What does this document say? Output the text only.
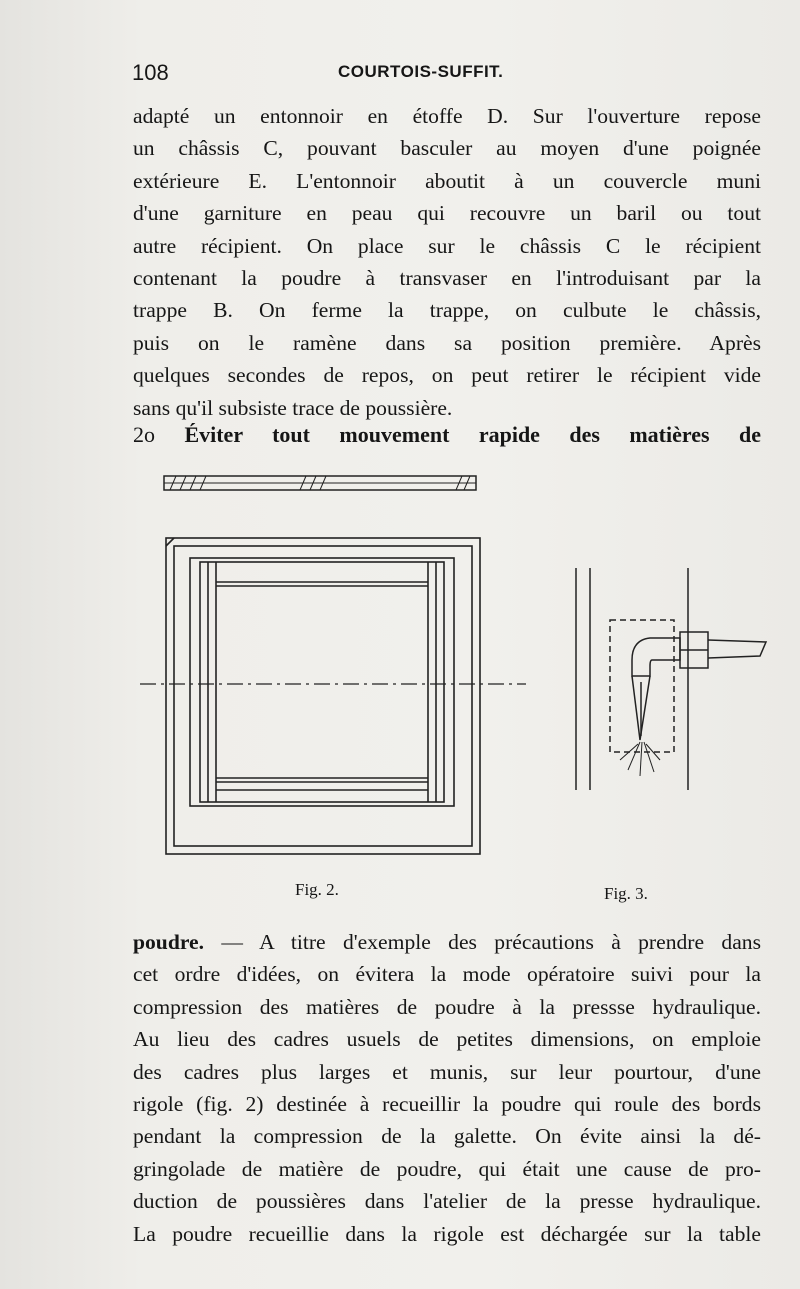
108	COURTOIS-SUFFIT.
adapté un entonnoir en étoffe D. Sur l'ouverture repose
un châssis C, pouvant basculer au moyen d'une poignée
extérieure E. L'entonnoir aboutit à un couvercle muni
d'une garniture en peau qui recouvre un baril ou tout
autre récipient. On place sur le châssis C le récipient
contenant la poudre à transvaser en l'introduisant par la
trappe B. On ferme la trappe, on culbute le châssis,
puis on le ramène dans sa position première. Après
quelques secondes de repos, on peut retirer le récipient vide
sans qu'il subsiste trace de poussière.
2o Éviter tout mouvement rapide des matières de
Fig. 2.	Fig. 3.
poudre. — A titre d'exemple des précautions à prendre dans
cet ordre d'idées, on évitera la mode opératoire suivi pour la
compression des matières de poudre à la pressse hydraulique.
Au lieu des cadres usuels de petites dimensions, on emploie
des cadres plus larges et munis, sur leur pourtour, d'une
rigole (fig. 2) destinée à recueillir la poudre qui roule des bords
pendant la compression de la galette. On évite ainsi la dé-
gringolade de matière de poudre, qui était une cause de pro-
duction de poussières dans l'atelier de la presse hydraulique.
La poudre recueillie dans la rigole est déchargée sur la table
